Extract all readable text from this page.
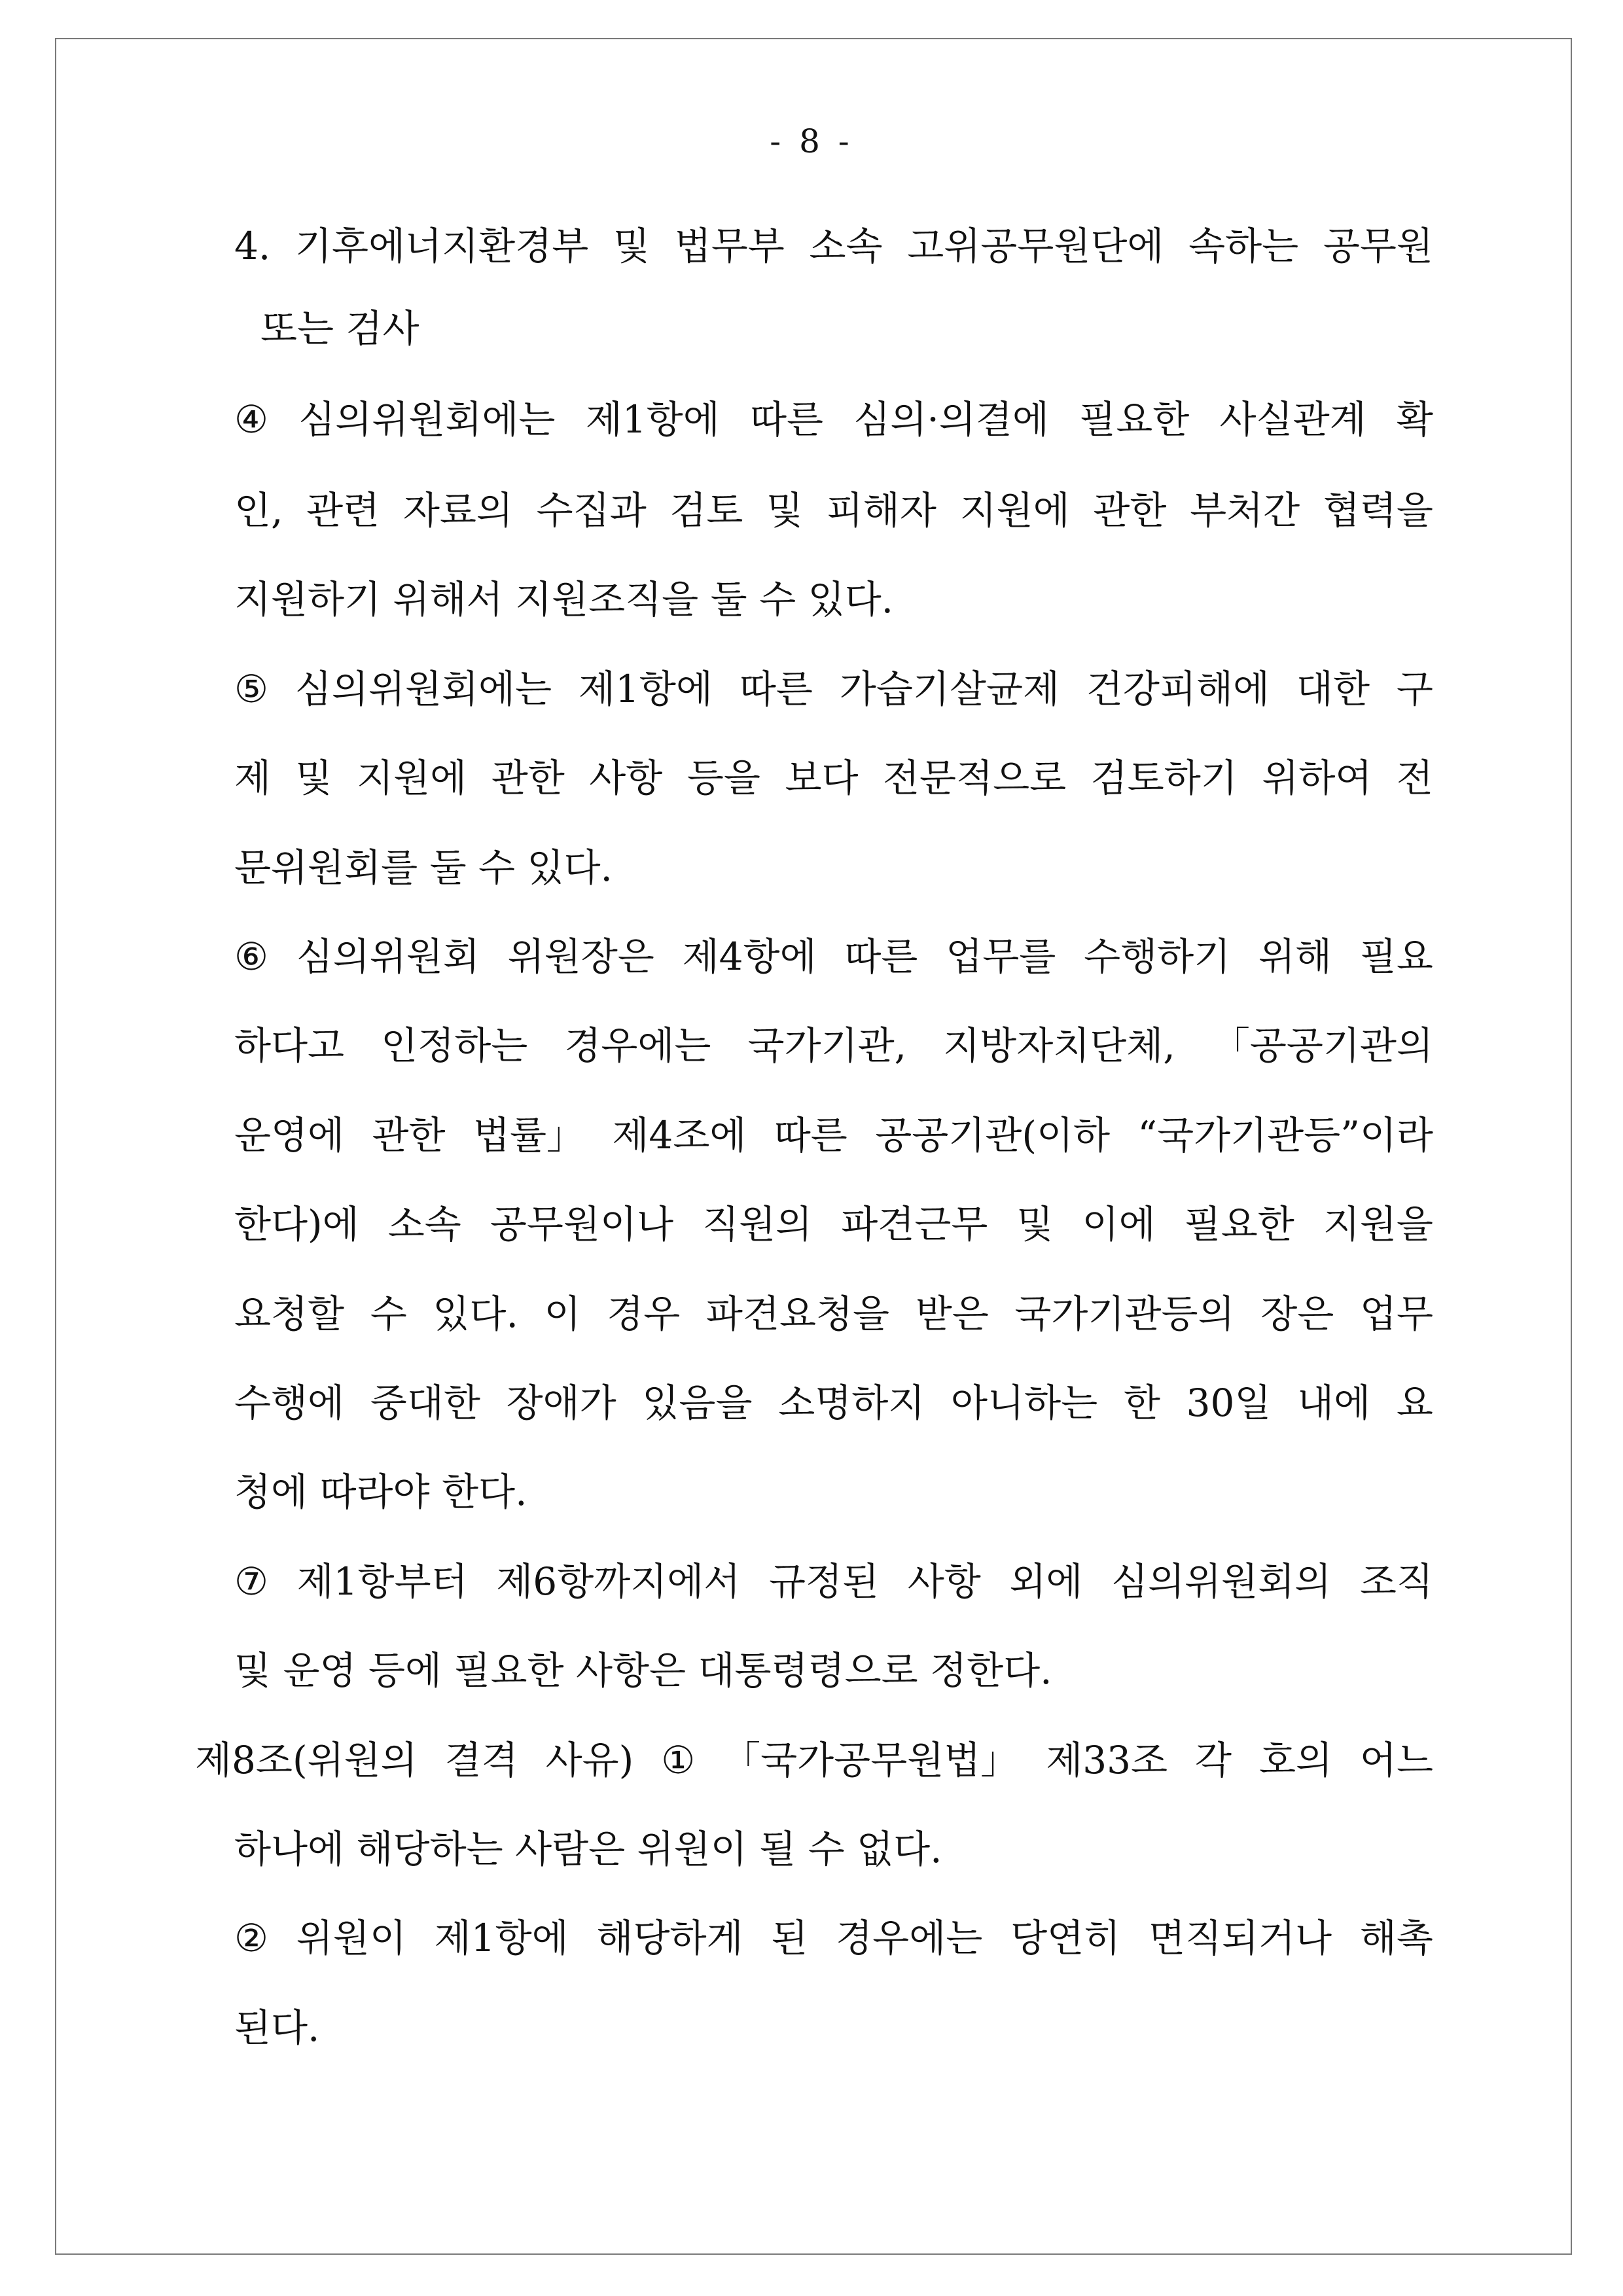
- 8 -
4. 기후에너지환경부 및 법무부 소속 고위공무원단에 속하는 공무원
또는 검사
④ 심의위원회에는 제1항에 따른 심의·의결에 필요한 사실관계 확
인, 관련 자료의 수집과 검토 및 피해자 지원에 관한 부처간 협력을
지원하기 위해서 지원조직을 둘 수 있다.
⑤ 심의위원회에는 제1항에 따른 가습기살균제 건강피해에 대한 구
제 및 지원에 관한 사항 등을 보다 전문적으로 검토하기 위하여 전
문위원회를 둘 수 있다.
⑥ 심의위원회 위원장은 제4항에 따른 업무를 수행하기 위해 필요
하다고 인정하는 경우에는 국가기관, 지방자치단체, 「공공기관의
운영에 관한 법률」 제4조에 따른 공공기관(이하 “국가기관등”이라
한다)에 소속 공무원이나 직원의 파견근무 및 이에 필요한 지원을
요청할 수 있다. 이 경우 파견요청을 받은 국가기관등의 장은 업무
수행에 중대한 장애가 있음을 소명하지 아니하는 한 30일 내에 요
청에 따라야 한다.
⑦ 제1항부터 제6항까지에서 규정된 사항 외에 심의위원회의 조직
및 운영 등에 필요한 사항은 대통령령으로 정한다.
제8조(위원의 결격 사유) ① 「국가공무원법」 제33조 각 호의 어느
하나에 해당하는 사람은 위원이 될 수 없다.
② 위원이 제1항에 해당하게 된 경우에는 당연히 면직되거나 해촉
된다.
